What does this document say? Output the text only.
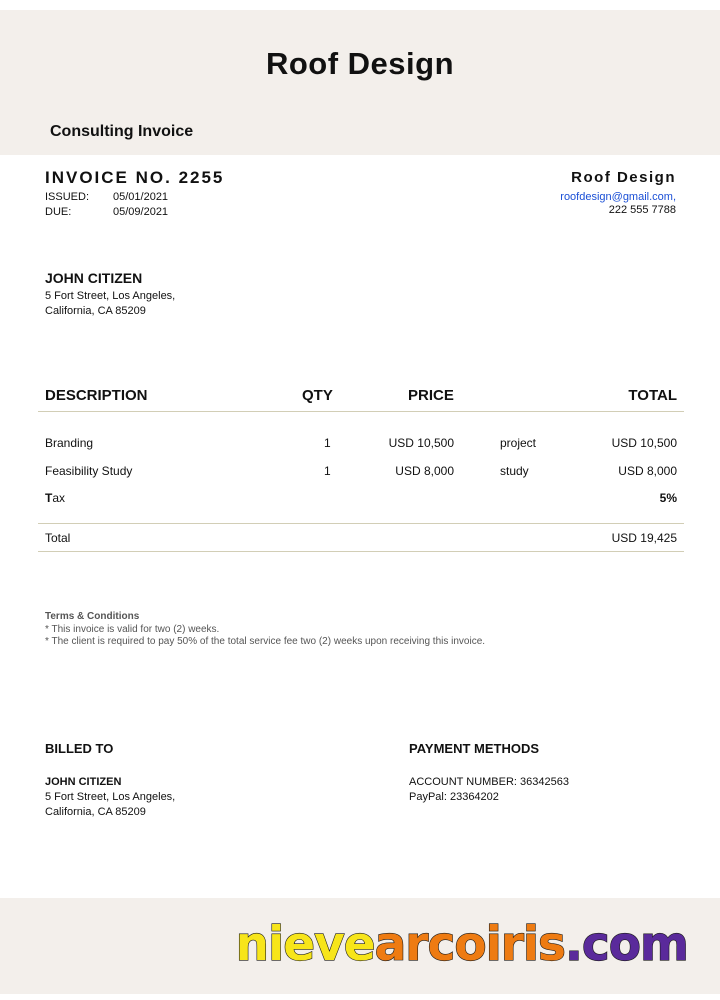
Roof Design
Consulting Invoice
INVOICE NO. 2255
ISSUED:	05/01/2021
DUE:	05/09/2021
Roof Design
roofdesign@gmail.com,
222 555 7788
JOHN CITIZEN
5 Fort Street, Los Angeles,
California, CA 85209
DESCRIPTION	QTY	PRICE	TOTAL
Branding	1	USD 10,500	project	USD 10,500
Feasibility Study	1	USD 8,000	study	USD 8,000
Tax	5%
Total	USD 19,425
Terms & Conditions
* This invoice is valid for two (2) weeks.
* The client is required to pay 50% of the total service fee two (2) weeks upon receiving this invoice.
BILLED TO
JOHN CITIZEN
5 Fort Street, Los Angeles,
California, CA 85209
PAYMENT METHODS
ACCOUNT NUMBER: 36342563
PayPal: 23364202
nievearcoiris.com
